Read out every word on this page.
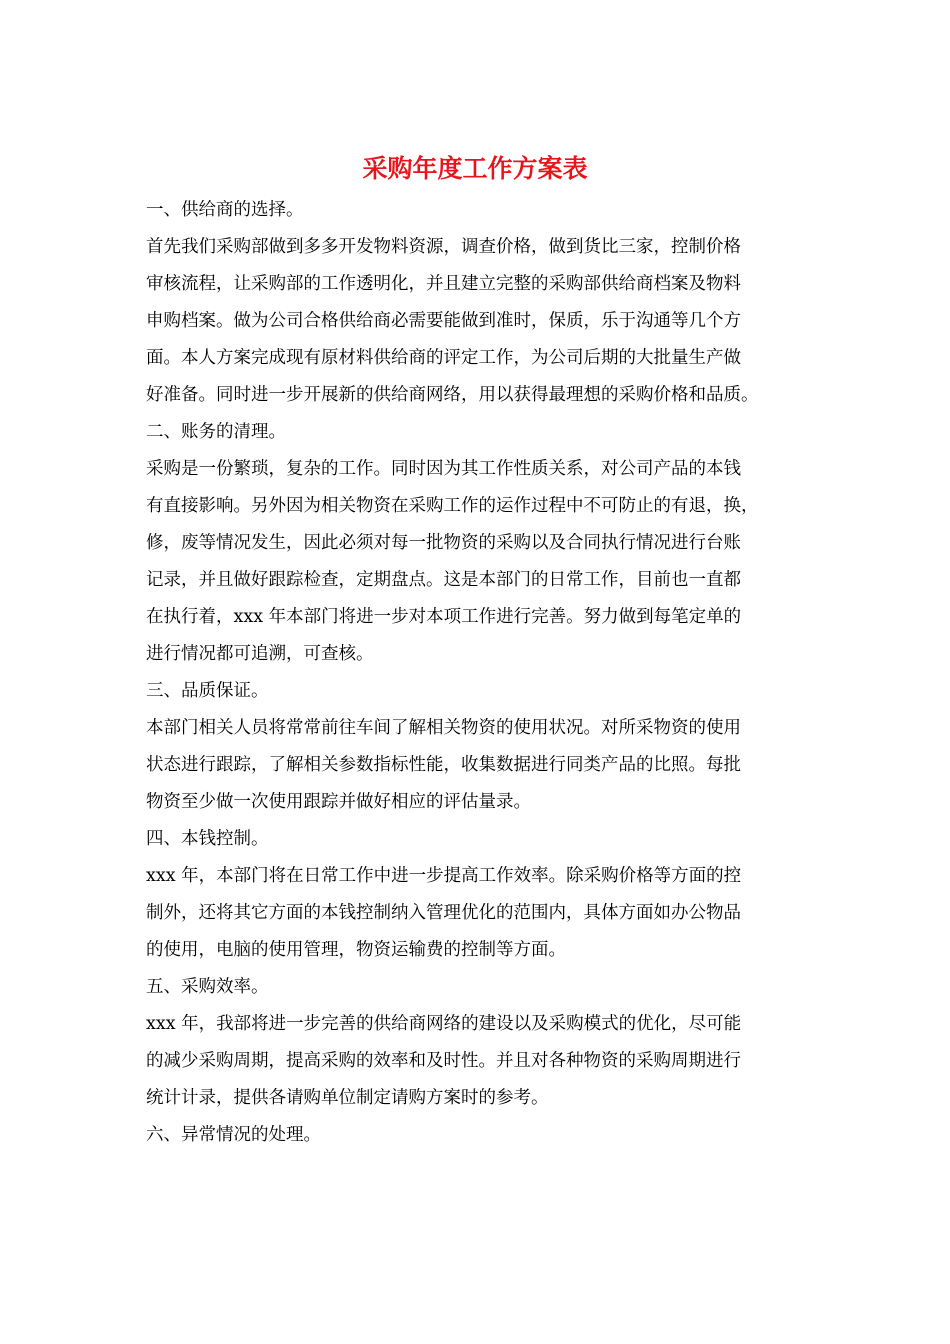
采购年度工作方案表

一、供给商的选择。

首先我们采购部做到多多开发物料资源，调查价格，做到货比三家，控制价格

审核流程，让采购部的工作透明化，并且建立完整的采购部供给商档案及物料

申购档案。做为公司合格供给商必需要能做到准时，保质，乐于沟通等几个方

面。本人方案完成现有原材料供给商的评定工作，为公司后期的大批量生产做

好准备。同时进一步开展新的供给商网络，用以获得最理想的采购价格和品质。

二、账务的清理。

采购是一份繁琐，复杂的工作。同时因为其工作性质关系，对公司产品的本钱

有直接影响。另外因为相关物资在采购工作的运作过程中不可防止的有退，换，

修，废等情况发生，因此必须对每一批物资的采购以及合同执行情况进行台账

记录，并且做好跟踪检查，定期盘点。这是本部门的日常工作，目前也一直都

在执行着，xxx 年本部门将进一步对本项工作进行完善。努力做到每笔定单的

进行情况都可追溯，可查核。

三、品质保证。

本部门相关人员将常常前往车间了解相关物资的使用状况。对所采物资的使用

状态进行跟踪，了解相关参数指标性能，收集数据进行同类产品的比照。每批

物资至少做一次使用跟踪并做好相应的评估量录。

四、本钱控制。

xxx 年，本部门将在日常工作中进一步提高工作效率。除采购价格等方面的控

制外，还将其它方面的本钱控制纳入管理优化的范围内，具体方面如办公物品

的使用，电脑的使用管理，物资运输费的控制等方面。

五、采购效率。

xxx 年，我部将进一步完善的供给商网络的建设以及采购模式的优化，尽可能

的减少采购周期，提高采购的效率和及时性。并且对各种物资的采购周期进行

统计计录，提供各请购单位制定请购方案时的参考。

六、异常情况的处理。
